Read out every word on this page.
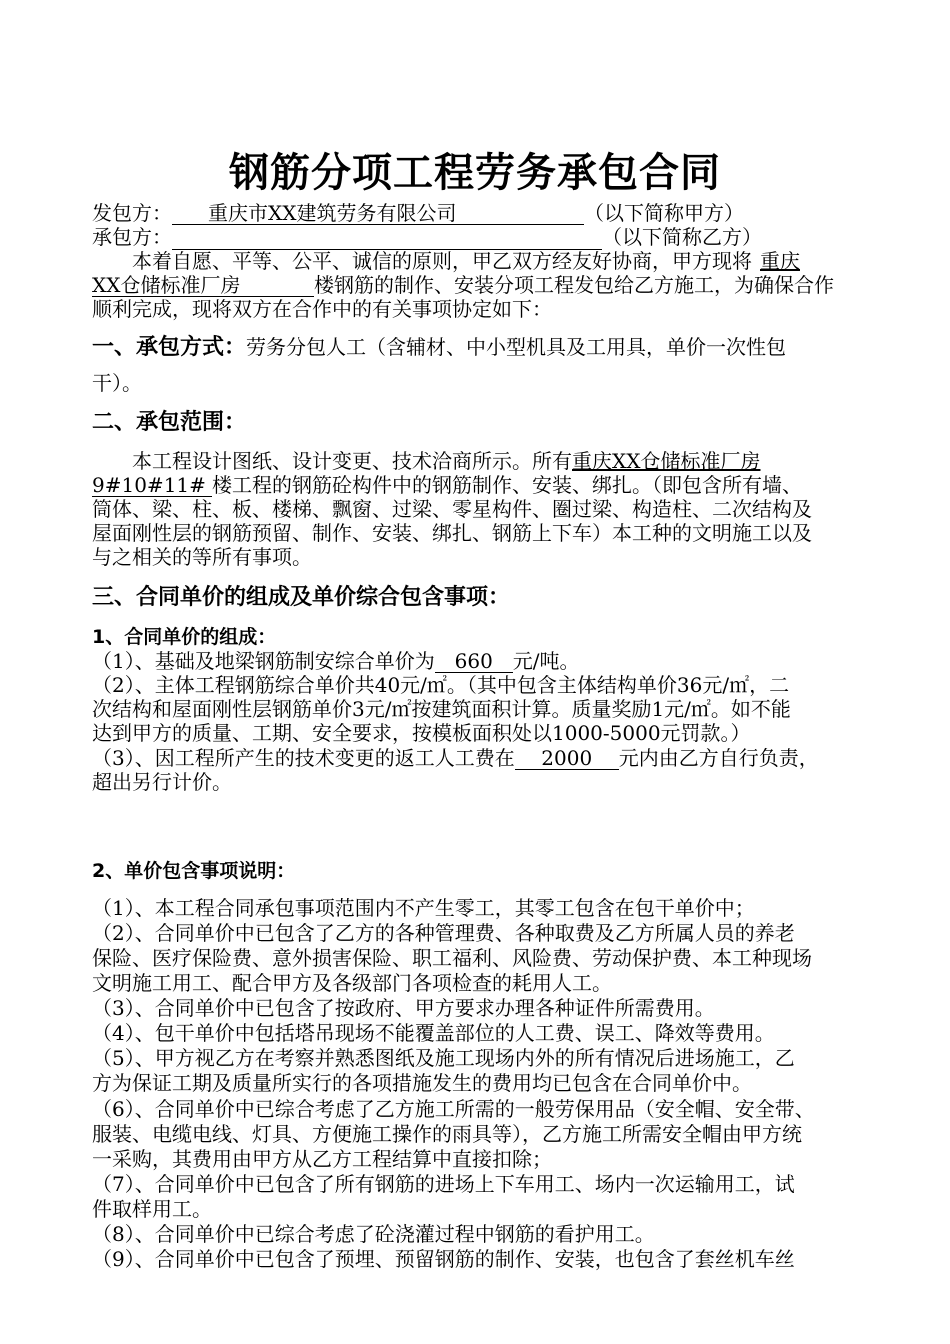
钢筋分项工程劳务承包合同
发包方： 重庆市XX建筑劳务有限公司	（以下简称甲方）
承包方：	（以下简称乙方）
本着自愿、平等、公平、诚信的原则，甲乙双方经友好协商，甲方现将 重庆
XX仓储标准厂房	楼钢筋的制作、安装分项工程发包给乙方施工，为确保合作
顺利完成，现将双方在合作中的有关事项协定如下：
一、承包方式：劳务分包人工（含辅材、中小型机具及工用具，单价一次性包
干）。
二、承包范围：
本工程设计图纸、设计变更、技术洽商所示。所有重庆XX仓储标准厂房
9#10#11# 楼工程的钢筋砼构件中的钢筋制作、安装、绑扎。（即包含所有墙、
筒体、梁、柱、板、楼梯、飘窗、过梁、零星构件、圈过梁、构造柱、二次结构及
屋面刚性层的钢筋预留、制作、安装、绑扎、钢筋上下车）本工种的文明施工以及
与之相关的等所有事项。
三、合同单价的组成及单价综合包含事项：
1、合同单价的组成：
（1）、基础及地梁钢筋制安综合单价为 660 元/吨。
（2）、主体工程钢筋综合单价共40元/㎡。（其中包含主体结构单价36元/㎡，二
次结构和屋面刚性层钢筋单价3元/㎡按建筑面积计算。质量奖励1元/㎡。如不能
达到甲方的质量、工期、安全要求，按模板面积处以1000-5000元罚款。）
（3）、因工程所产生的技术变更的返工人工费在 2000 元内由乙方自行负责，
超出另行计价。
2、单价包含事项说明：
（1）、本工程合同承包事项范围内不产生零工，其零工包含在包干单价中；
（2）、合同单价中已包含了乙方的各种管理费、各种取费及乙方所属人员的养老
保险、医疗保险费、意外损害保险、职工福利、风险费、劳动保护费、本工种现场
文明施工用工、配合甲方及各级部门各项检查的耗用人工。
（3）、合同单价中已包含了按政府、甲方要求办理各种证件所需费用。
（4）、包干单价中包括塔吊现场不能覆盖部位的人工费、误工、降效等费用。
（5）、甲方视乙方在考察并熟悉图纸及施工现场内外的所有情况后进场施工，乙
方为保证工期及质量所实行的各项措施发生的费用均已包含在合同单价中。
（6）、合同单价中已综合考虑了乙方施工所需的一般劳保用品（安全帽、安全带、
服装、电缆电线、灯具、方便施工操作的雨具等），乙方施工所需安全帽由甲方统
一采购，其费用由甲方从乙方工程结算中直接扣除；
（7）、合同单价中已包含了所有钢筋的进场上下车用工、场内一次运输用工，试
件取样用工。
（8）、合同单价中已综合考虑了砼浇灌过程中钢筋的看护用工。
（9）、合同单价中已包含了预埋、预留钢筋的制作、安装，也包含了套丝机车丝
